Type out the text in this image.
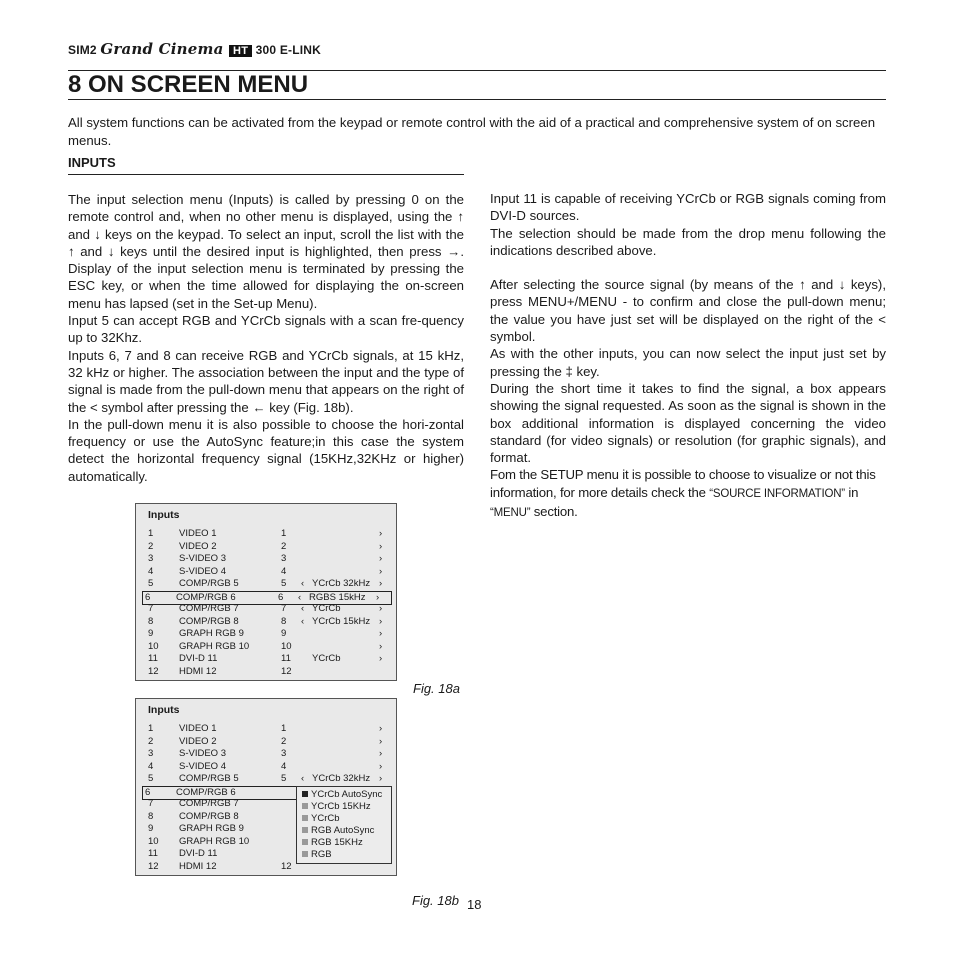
SIM2 Grand Cinema HT 300 E-LINK
8 ON SCREEN MENU
All system functions can be activated from the keypad or remote control with the aid of a practical and comprehensive system of on screen menus.
INPUTS

The input selection menu (Inputs) is called by pressing 0 on the remote control and, when no other menu is displayed, using the ↑ and ↓ keys on the keypad. To select an input, scroll the list with the ↑ and ↓ keys until the desired input is highlighted, then press →. Display of the input selection menu is terminated by pressing the ESC key, or when the time allowed for displaying the on-screen menu has lapsed (set in the Set-up Menu).

Input 5 can accept RGB and YCrCb signals with a scan fre-quency up to 32Khz.

Inputs 6, 7 and 8 can receive RGB and YCrCb signals, at 15 kHz, 32 kHz or higher. The association between the input and the type of signal is made from the pull-down menu that appears on the right of the < symbol after pressing the ← key (Fig. 18b).

In the pull-down menu it is also possible to choose the hori-zontal frequency or use the AutoSync feature;in this case the system detect the horizontal frequency signal (15KHz,32KHz or higher) automatically.

Input 11 is capable of receiving YCrCb or RGB signals coming from DVI-D sources.

The selection should be made from the drop menu following the indications described above.

After selecting the source signal (by means of the ↑ and ↓ keys), press MENU+/MENU - to confirm and close the pull-down menu; the value you have just set will be displayed on the right of the < symbol.

As with the other inputs, you can now select the input just set by pressing the ‡ key.

During the short time it takes to find the signal, a box appears showing the signal requested. As soon as the signal is shown in the box additional information is displayed concerning the video standard (for video signals) or resolution (for graphic signals), and format.

Fom the SETUP menu it is possible to choose to visualize or not this information, for more details check the “SOURCE INFORMATION” in “MENU” section.

Inputs
1	VIDEO 1	1	›
2	VIDEO 2	2	›
3	S-VIDEO 3	3	›
4	S-VIDEO 4	4	›
5	COMP/RGB 5	5 ‹ YCrCb 32kHz ›
6	COMP/RGB 6	6 ‹ RGBS 15kHz ›
7	COMP/RGB 7	7 ‹ YCrCb	›
8	COMP/RGB 8	8 ‹ YCrCb 15kHz ›
9	GRAPH RGB 9	9	›
10 GRAPH RGB 10	10	›
11 DVI-D 11	11 YCrCb	›
12 HDMI 12	12
Fig. 18a
Inputs
1	VIDEO 1	1	›
2	VIDEO 2	2	›
3	S-VIDEO 3	3	›
4	S-VIDEO 4	4	›
5	COMP/RGB 5	5 ‹ YCrCb 32kHz ›
6	COMP/RGB 6
7	COMP/RGB 7
8	COMP/RGB 8
9	GRAPH RGB 9
10 GRAPH RGB 10
11 DVI-D 11
12 HDMI 12	12
YCrCb AutoSync
YCrCb 15KHz
YCrCb
RGB AutoSync
RGB 15KHz
RGB
Fig. 18b 18
